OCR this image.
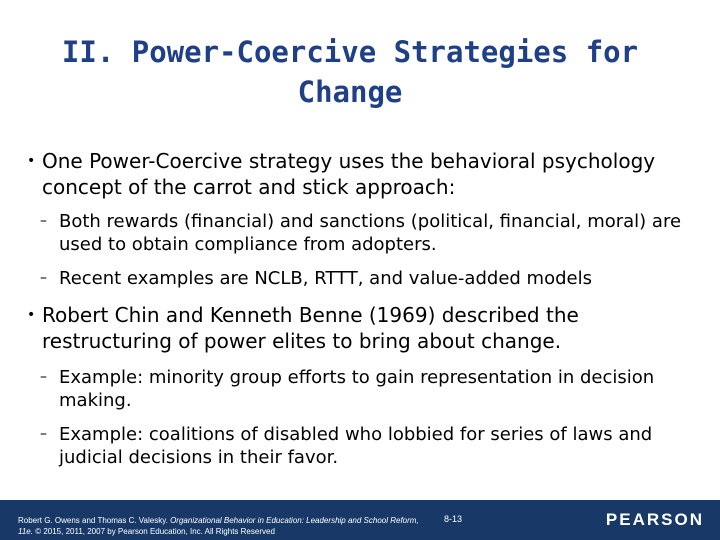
II. Power-Coercive Strategies for
Change
• One Power-Coercive strategy uses the behavioral psychology concept of the carrot and stick approach:
– Both rewards (financial) and sanctions (political, financial, moral) are used to obtain compliance from adopters.
– Recent examples are NCLB, RTTT, and value-added models
• Robert Chin and Kenneth Benne (1969) described the restructuring of power elites to bring about change.
– Example: minority group efforts to gain representation in decision making.
– Example: coalitions of disabled who lobbied for series of laws and judicial decisions in their favor.
Robert G. Owens and Thomas C. Valesky. Organizational Behavior in Education: Leadership and School Reform, 11e. © 2015, 2011, 2007 by Pearson Education, Inc. All Rights Reserved
8-13	PEARSON
